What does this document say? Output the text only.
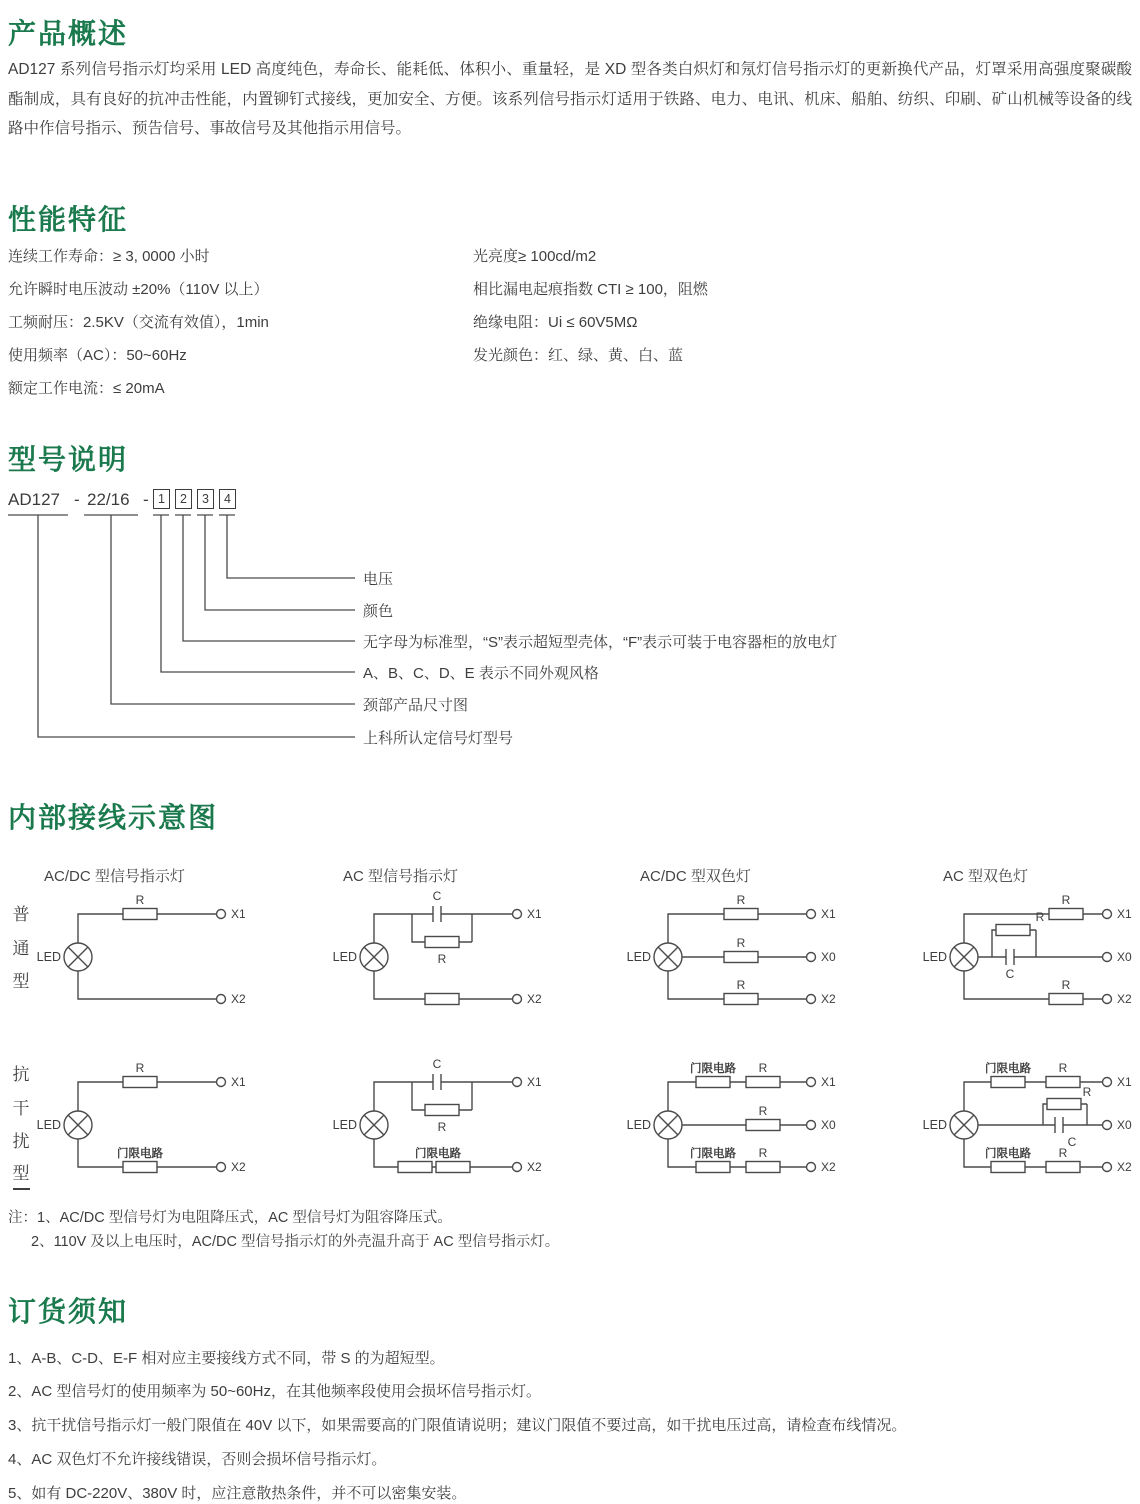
产品概述
AD127 系列信号指示灯均采用 LED 高度纯色，寿命长、能耗低、体积小、重量轻，是 XD 型各类白炽灯和氖灯信号指示灯的更新换代产品，灯罩采用高强度聚碳酸酯制成，具有良好的抗冲击性能，内置铆钉式接线，更加安全、方便。该系列信号指示灯适用于铁路、电力、电讯、机床、船舶、纺织、印刷、矿山机械等设备的线路中作信号指示、预告信号、事故信号及其他指示用信号。
性能特征
连续工作寿命：≥ 3, 0000 小时
允许瞬时电压波动 ±20%（110V 以上）
工频耐压：2.5KV（交流有效值），1min
使用频率（AC）：50~60Hz
额定工作电流：≤ 20mA
光亮度≥ 100cd/m2
相比漏电起痕指数 CTI ≥ 100，阻燃
绝缘电阻：Ui ≤ 60V5MΩ
发光颜色：红、绿、黄、白、蓝
型号说明
AD127 - 22/16 - 1	2	3	4
电压
颜色
无字母为标准型，“S”表示超短型壳体，“F”表示可装于电容器柜的放电灯
A、B、C、D、E 表示不同外观风格
颈部产品尺寸图
上科所认定信号灯型号
内部接线示意图
AC/DC 型信号指示灯	AC 型信号指示灯	AC/DC 型双色灯	AC 型双色灯
普
通
型
抗
干
扰
型
R
LED
X1
X2
C
R
LED
X1
X2
R
R
R
LED
X1
X0
X2
R
C
R
R
LED
X1
X0
X2
R
门限电路
LED
X1
X2
C
R
门限电路
LED
X1
X2
门限电路 R
R
门限电路 R
LED
X1
X0
X2
门限电路 R
C
R
门限电路 R
LED
X1
X0
X2
注：1、AC/DC 型信号灯为电阻降压式，AC 型信号灯为阻容降压式。
2、110V 及以上电压时，AC/DC 型信号指示灯的外壳温升高于 AC 型信号指示灯。
订货须知
1、A-B、C-D、E-F 相对应主要接线方式不同，带 S 的为超短型。
2、AC 型信号灯的使用频率为 50~60Hz，在其他频率段使用会损坏信号指示灯。
3、抗干扰信号指示灯一般门限值在 40V 以下，如果需要高的门限值请说明；建议门限值不要过高，如干扰电压过高，请检查布线情况。
4、AC 双色灯不允许接线错误，否则会损坏信号指示灯。
5、如有 DC-220V、380V 时，应注意散热条件，并不可以密集安装。
